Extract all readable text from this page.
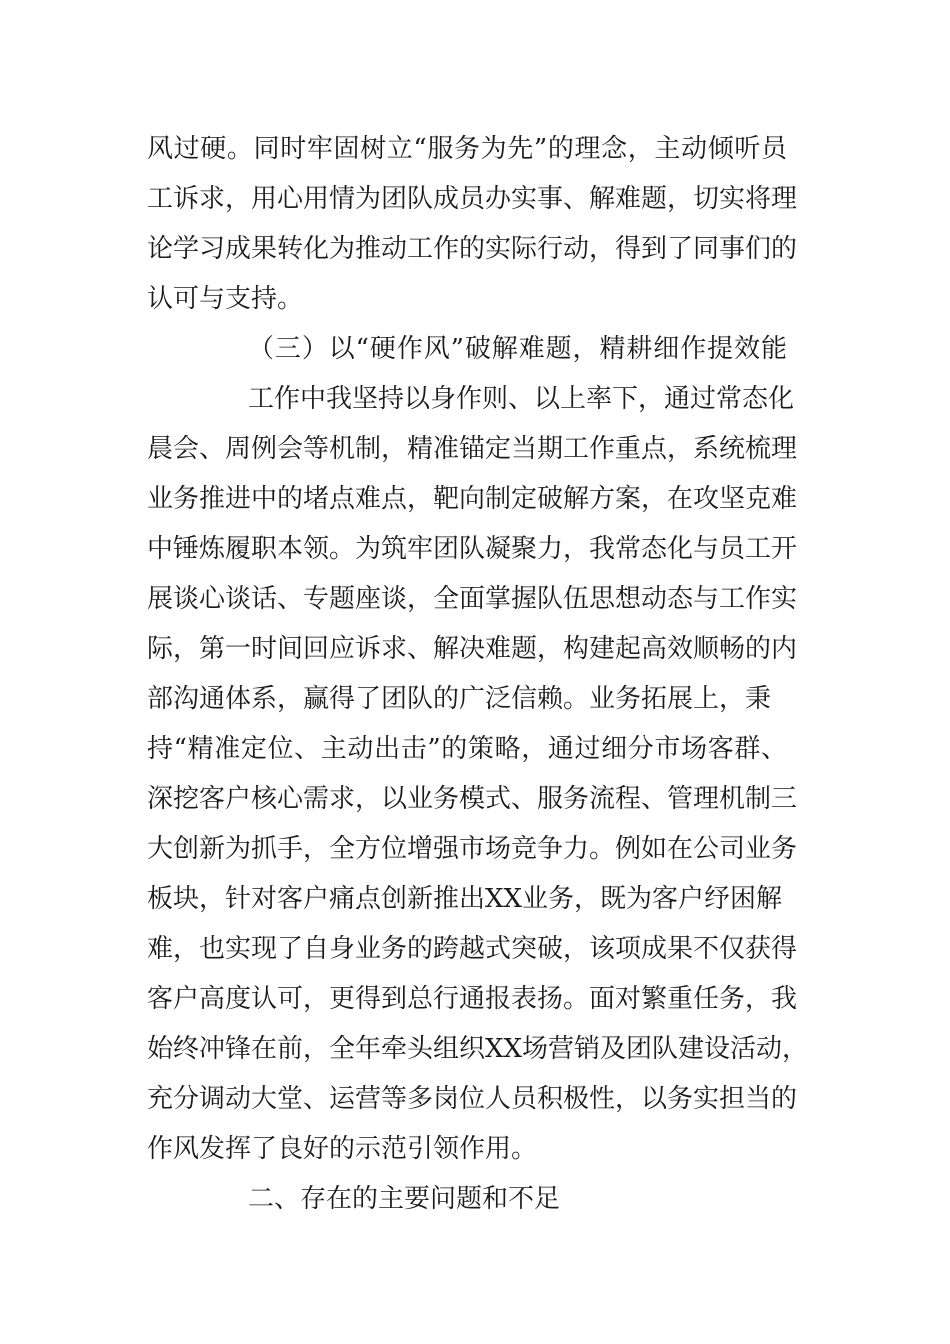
风过硬。同时牢固树立“服务为先”的理念，主动倾听员
工诉求，用心用情为团队成员办实事、解难题，切实将理
论学习成果转化为推动工作的实际行动，得到了同事们的
认可与支持。
（三）以“硬作风”破解难题，精耕细作提效能
工作中我坚持以身作则、以上率下，通过常态化
晨会、周例会等机制，精准锚定当期工作重点，系统梳理
业务推进中的堵点难点，靶向制定破解方案，在攻坚克难
中锤炼履职本领。为筑牢团队凝聚力，我常态化与员工开
展谈心谈话、专题座谈，全面掌握队伍思想动态与工作实
际，第一时间回应诉求、解决难题，构建起高效顺畅的内
部沟通体系，赢得了团队的广泛信赖。业务拓展上，秉
持“精准定位、主动出击”的策略，通过细分市场客群、
深挖客户核心需求，以业务模式、服务流程、管理机制三
大创新为抓手，全方位增强市场竞争力。例如在公司业务
板块，针对客户痛点创新推出XX业务，既为客户纾困解
难，也实现了自身业务的跨越式突破，该项成果不仅获得
客户高度认可，更得到总行通报表扬。面对繁重任务，我
始终冲锋在前，全年牵头组织XX场营销及团队建设活动，
充分调动大堂、运营等多岗位人员积极性，以务实担当的
作风发挥了良好的示范引领作用。
二、存在的主要问题和不足
